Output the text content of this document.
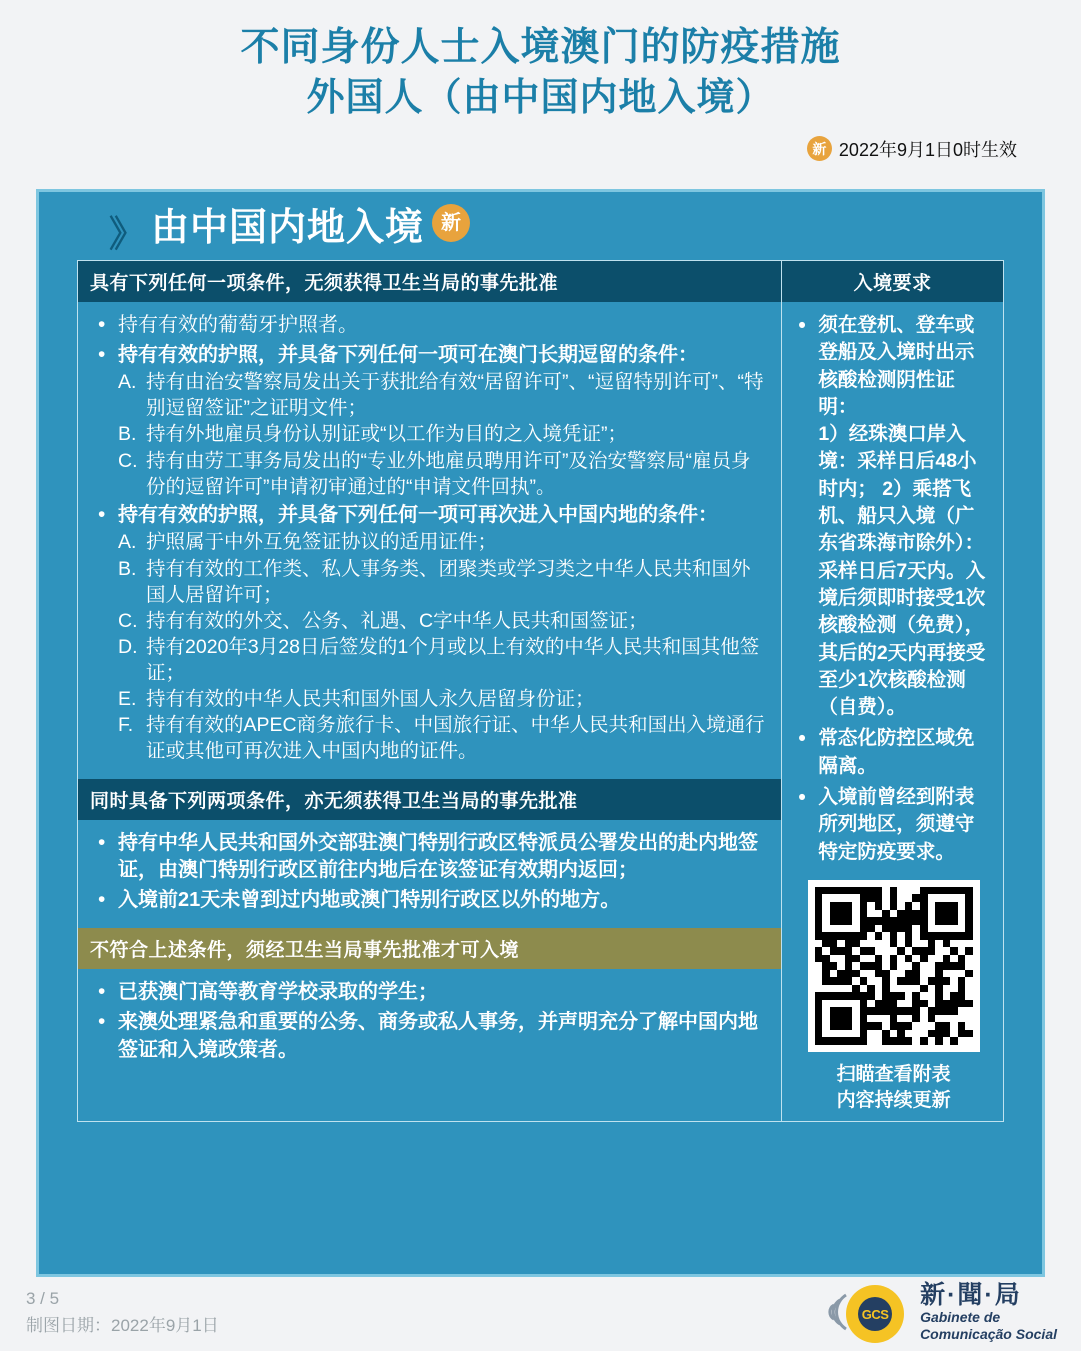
不同身份人士入境澳门的防疫措施
外国人（由中国内地入境）
新 2022年9月1日0时生效
》 由中国内地入境 新
具有下列任何一项条件，无须获得卫生当局的事先批准
• 持有有效的葡萄牙护照者。
• 持有有效的护照，并具备下列任何一项可在澳门长期逗留的条件：
A. 持有由治安警察局发出关于获批给有效“居留许可”、“逗留特别许可”、“特别逗留签证”之证明文件；
B. 持有外地雇员身份认别证或“以工作为目的之入境凭证”；
C. 持有由劳工事务局发出的“专业外地雇员聘用许可”及治安警察局“雇员身份的逗留许可”申请初审通过的“申请文件回执”。
• 持有有效的护照，并具备下列任何一项可再次进入中国内地的条件：
A. 护照属于中外互免签证协议的适用证件；
B. 持有有效的工作类、私人事务类、团聚类或学习类之中华人民共和国外国人居留许可；
C. 持有有效的外交、公务、礼遇、C字中华人民共和国签证；
D. 持有2020年3月28日后签发的1个月或以上有效的中华人民共和国其他签证；
E. 持有有效的中华人民共和国外国人永久居留身份证；
F. 持有有效的APEC商务旅行卡、中国旅行证、中华人民共和国出入境通行证或其他可再次进入中国内地的证件。
同时具备下列两项条件，亦无须获得卫生当局的事先批准
• 持有中华人民共和国外交部驻澳门特别行政区特派员公署发出的赴内地签证，由澳门特别行政区前往内地后在该签证有效期内返回；
• 入境前21天未曾到过内地或澳门特别行政区以外的地方。
不符合上述条件，须经卫生当局事先批准才可入境
• 已获澳门高等教育学校录取的学生；
• 来澳处理紧急和重要的公务、商务或私人事务，并声明充分了解中国内地签证和入境政策者。
入境要求
• 须在登机、登车或登船及入境时出示核酸检测阴性证明：
1）经珠澳口岸入境：采样日后48小时内； 2）乘搭飞机、船只入境（广东省珠海市除外）：采样日后7天内。入境后须即时接受1次核酸检测（免费），其后的2天内再接受至少1次核酸检测（自费）。
• 常态化防控区域免隔离。
• 入境前曾经到附表所列地区，须遵守特定防疫要求。
扫瞄查看附表
内容持续更新
3 / 5
制图日期：2022年9月1日
GCS
新·聞·局
Gabinete de
Comunicação Social
